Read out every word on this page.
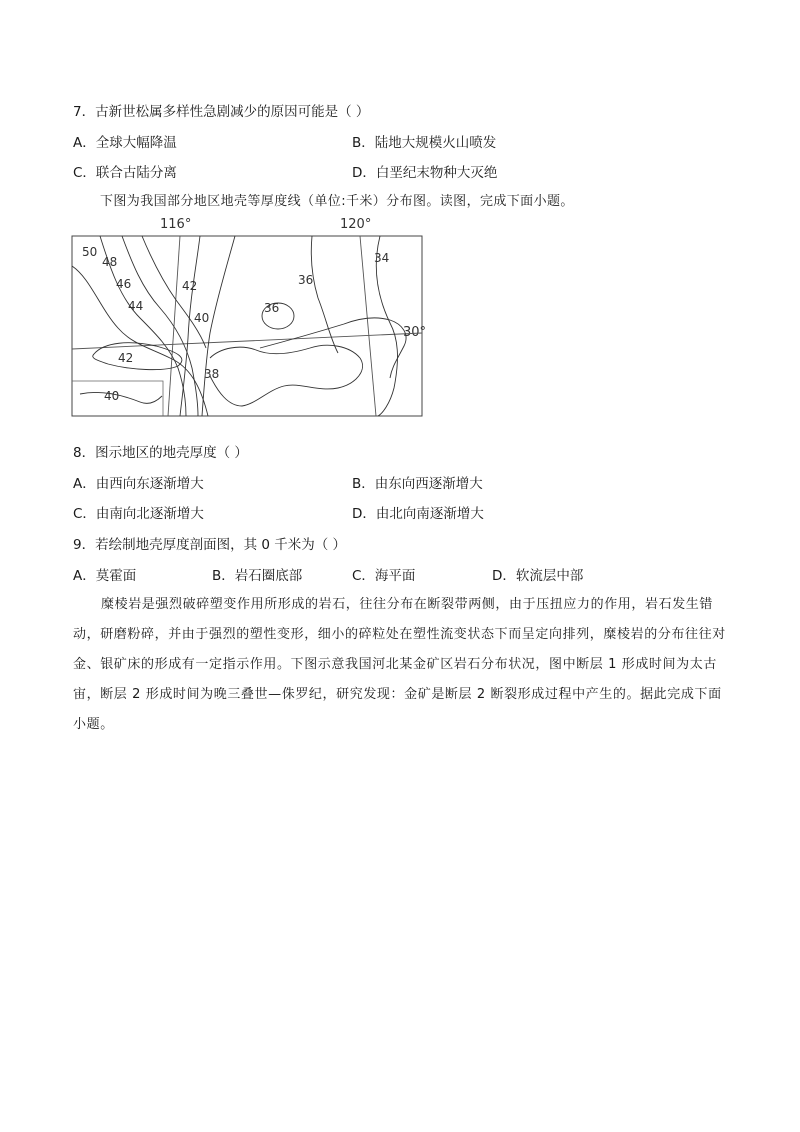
7．古新世松属多样性急剧减少的原因可能是（ ）
A．全球大幅降温	B．陆地大规模火山喷发
C．联合古陆分离	D．白垩纪末物种大灭绝
下图为我国部分地区地壳等厚度线（单位:千米）分布图。读图，完成下面小题。
116°	120°
30°
50
48
46
44
42
40
36
36
34
42
38
40
8．图示地区的地壳厚度（ ）
A．由西向东逐渐增大	B．由东向西逐渐增大
C．由南向北逐渐增大	D．由北向南逐渐增大
9．若绘制地壳厚度剖面图，其 0 千米为（ ）
A．莫霍面	B．岩石圈底部	C．海平面	D．软流层中部
糜棱岩是强烈破碎塑变作用所形成的岩石，往往分布在断裂带两侧，由于压扭应力的作用，岩石发生错动，研磨粉碎，并由于强烈的塑性变形，细小的碎粒处在塑性流变状态下而呈定向排列，糜棱岩的分布往往对金、银矿床的形成有一定指示作用。下图示意我国河北某金矿区岩石分布状况，图中断层 1 形成时间为太古宙，断层 2 形成时间为晚三叠世—侏罗纪，研究发现：金矿是断层 2 断裂形成过程中产生的。据此完成下面小题。
